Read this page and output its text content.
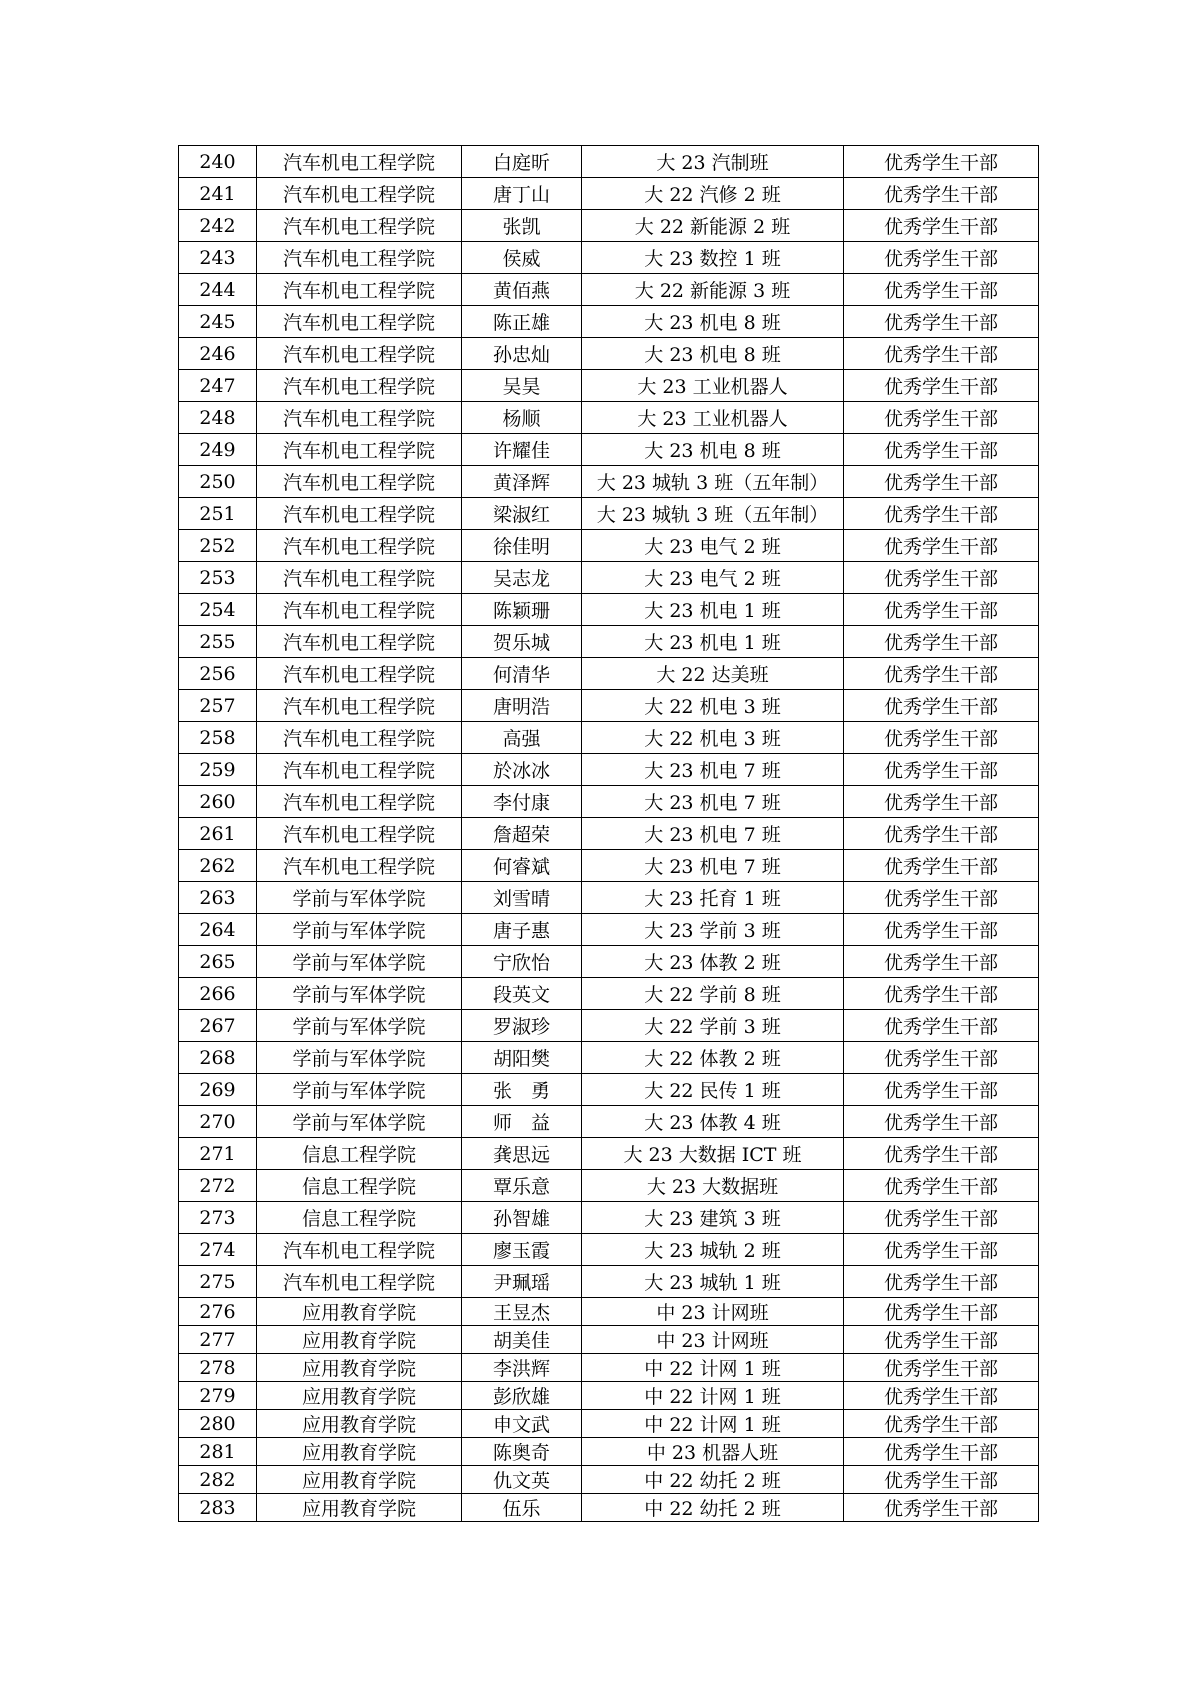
240	汽车机电工程学院	白庭昕	大 23 汽制班	优秀学生干部
241	汽车机电工程学院	唐丁山	大 22 汽修 2 班	优秀学生干部
242	汽车机电工程学院	张凯	大 22 新能源 2 班	优秀学生干部
243	汽车机电工程学院	侯威	大 23 数控 1 班	优秀学生干部
244	汽车机电工程学院	黄佰燕	大 22 新能源 3 班	优秀学生干部
245	汽车机电工程学院	陈正雄	大 23 机电 8 班	优秀学生干部
246	汽车机电工程学院	孙忠灿	大 23 机电 8 班	优秀学生干部
247	汽车机电工程学院	吴昊	大 23 工业机器人	优秀学生干部
248	汽车机电工程学院	杨顺	大 23 工业机器人	优秀学生干部
249	汽车机电工程学院	许耀佳	大 23 机电 8 班	优秀学生干部
250	汽车机电工程学院	黄泽辉	大 23 城轨 3 班（五年制）	优秀学生干部
251	汽车机电工程学院	梁淑红	大 23 城轨 3 班（五年制）	优秀学生干部
252	汽车机电工程学院	徐佳明	大 23 电气 2 班	优秀学生干部
253	汽车机电工程学院	吴志龙	大 23 电气 2 班	优秀学生干部
254	汽车机电工程学院	陈颖珊	大 23 机电 1 班	优秀学生干部
255	汽车机电工程学院	贺乐城	大 23 机电 1 班	优秀学生干部
256	汽车机电工程学院	何清华	大 22 达美班	优秀学生干部
257	汽车机电工程学院	唐明浩	大 22 机电 3 班	优秀学生干部
258	汽车机电工程学院	高强	大 22 机电 3 班	优秀学生干部
259	汽车机电工程学院	於冰冰	大 23 机电 7 班	优秀学生干部
260	汽车机电工程学院	李付康	大 23 机电 7 班	优秀学生干部
261	汽车机电工程学院	詹超荣	大 23 机电 7 班	优秀学生干部
262	汽车机电工程学院	何睿斌	大 23 机电 7 班	优秀学生干部
263	学前与军体学院	刘雪晴	大 23 托育 1 班	优秀学生干部
264	学前与军体学院	唐子惠	大 23 学前 3 班	优秀学生干部
265	学前与军体学院	宁欣怡	大 23 体教 2 班	优秀学生干部
266	学前与军体学院	段英文	大 22 学前 8 班	优秀学生干部
267	学前与军体学院	罗淑珍	大 22 学前 3 班	优秀学生干部
268	学前与军体学院	胡阳樊	大 22 体教 2 班	优秀学生干部
269	学前与军体学院	张　勇	大 22 民传 1 班	优秀学生干部
270	学前与军体学院	师　益	大 23 体教 4 班	优秀学生干部
271	信息工程学院	龚思远	大 23 大数据 ICT 班	优秀学生干部
272	信息工程学院	覃乐意	大 23 大数据班	优秀学生干部
273	信息工程学院	孙智雄	大 23 建筑 3 班	优秀学生干部
274	汽车机电工程学院	廖玉霞	大 23 城轨 2 班	优秀学生干部
275	汽车机电工程学院	尹珮瑶	大 23 城轨 1 班	优秀学生干部
276	应用教育学院	王昱杰	中 23 计网班	优秀学生干部
277	应用教育学院	胡美佳	中 23 计网班	优秀学生干部
278	应用教育学院	李洪辉	中 22 计网 1 班	优秀学生干部
279	应用教育学院	彭欣雄	中 22 计网 1 班	优秀学生干部
280	应用教育学院	申文武	中 22 计网 1 班	优秀学生干部
281	应用教育学院	陈奥奇	中 23 机器人班	优秀学生干部
282	应用教育学院	仇文英	中 22 幼托 2 班	优秀学生干部
283	应用教育学院	伍乐	中 22 幼托 2 班	优秀学生干部
